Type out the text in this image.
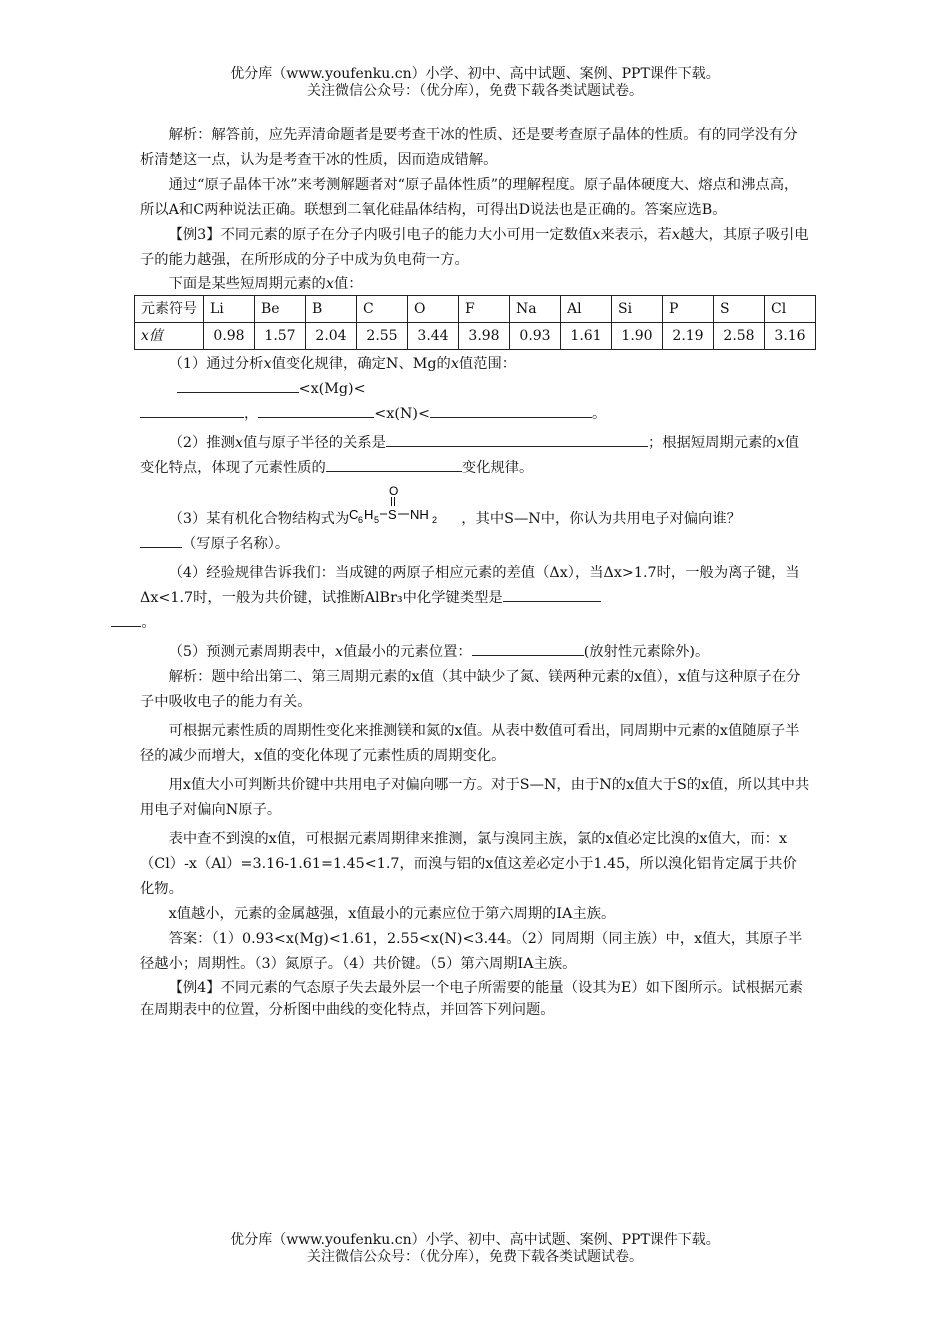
优分库（www.youfenku.cn）小学、初中、高中试题、案例、PPT课件下载。

关注微信公众号：（优分库），免费下载各类试题试卷。

解析：解答前，应先弄清命题者是要考查干冰的性质、还是要考查原子晶体的性质。有的同学没有分析清楚这一点，认为是考查干冰的性质，因而造成错解。

通过“原子晶体干冰”来考测解题者对“原子晶体性质”的理解程度。原子晶体硬度大、熔点和沸点高，所以A和C两种说法正确。联想到二氧化硅晶体结构，可得出D说法也是正确的。答案应选B。

【例3】不同元素的原子在分子内吸引电子的能力大小可用一定数值x来表示，若x越大，其原子吸引电子的能力越强，在所形成的分子中成为负电荷一方。

下面是某些短周期元素的x值：

元素符号	Li	Be	B	C	O	F	Na	Al	Si	P	S	Cl
x值	0.98	1.57	2.04	2.55	3.44	3.98	0.93	1.61	1.90	2.19	2.58	3.16

（1）通过分析x值变化规律，确定N、Mg的x值范围：

<x(Mg)<

，	<x(N)<	。

（2）推测x值与原子半径的关系是	；根据短周期元素的x值变化特点，体现了元素性质的	变化规律。

（3）某有机化合物结构式为
O
C 6 H 5 S NH 2 ，其中S—N中，你认为共用电子对偏向谁？

（写原子名称）。

（4）经验规律告诉我们：当成键的两原子相应元素的差值（Δx），当Δx>1.7时，一般为离子键，当Δx<1.7时，一般为共价键，试推断AlBr₃中化学键类型是
。

（5）预测元素周期表中，x值最小的元素位置：	(放射性元素除外)。

解析：题中给出第二、第三周期元素的x值（其中缺少了氮、镁两种元素的x值），x值与这种原子在分子中吸收电子的能力有关。

可根据元素性质的周期性变化来推测镁和氮的x值。从表中数值可看出，同周期中元素的x值随原子半径的减少而增大，x值的变化体现了元素性质的周期变化。

用x值大小可判断共价键中共用电子对偏向哪一方。对于S—N，由于N的x值大于S的x值，所以其中共用电子对偏向N原子。

表中查不到溴的x值，可根据元素周期律来推测，氯与溴同主族，氯的x值必定比溴的x值大，而：x（Cl）-x（Al）=3.16-1.61=1.45<1.7，而溴与铝的x值这差必定小于1.45，所以溴化铝肯定属于共价化物。

x值越小，元素的金属越强，x值最小的元素应位于第六周期的IA主族。

答案：（1）0.93<x(Mg)<1.61，2.55<x(N)<3.44。（2）同周期（同主族）中，x值大，其原子半径越小；周期性。（3）氮原子。（4）共价键。（5）第六周期IA主族。

【例4】不同元素的气态原子失去最外层一个电子所需要的能量（设其为E）如下图所示。试根据元素在周期表中的位置，分析图中曲线的变化特点，并回答下列问题。

优分库（www.youfenku.cn）小学、初中、高中试题、案例、PPT课件下载。

关注微信公众号：（优分库），免费下载各类试题试卷。
